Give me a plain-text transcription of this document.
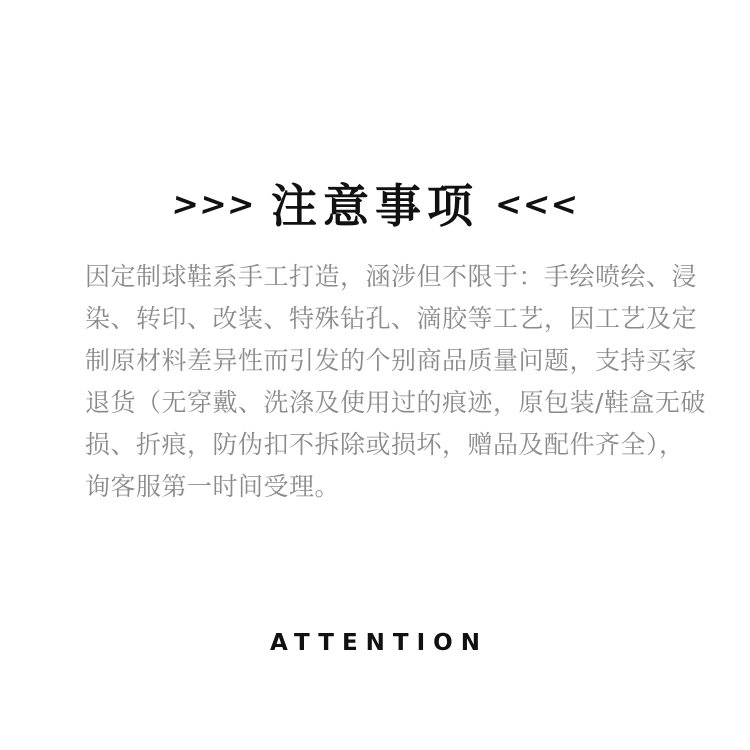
>>> 注意事项 <<<
因定制球鞋系手工打造，涵涉但不限于：手绘喷绘、浸
染、转印、改装、特殊钻孔、滴胶等工艺，因工艺及定
制原材料差异性而引发的个别商品质量问题，支持买家
退货（无穿戴、洗涤及使用过的痕迹，原包装/鞋盒无破
损、折痕，防伪扣不拆除或损坏，赠品及配件齐全），
询客服第一时间受理。
ATTENTION
